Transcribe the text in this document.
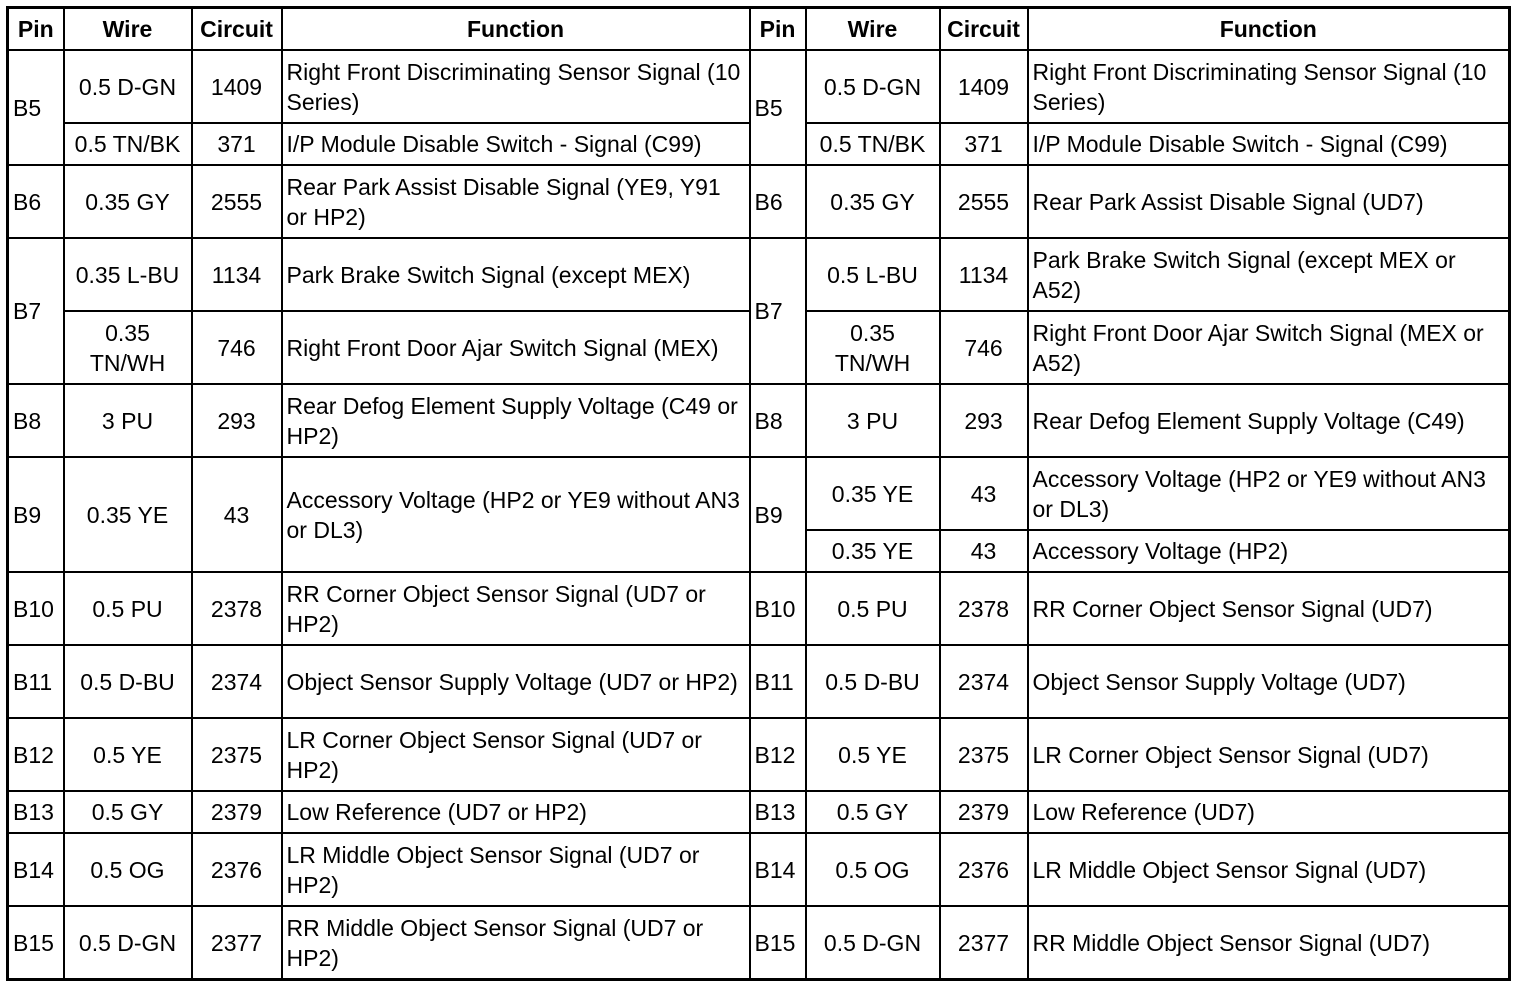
Pin	Wire	Circuit	Function	Pin	Wire	Circuit	Function
B5	0.5 D-GN	1409	Right Front Discriminating Sensor Signal (10 Series)	B5	0.5 D-GN	1409	Right Front Discriminating Sensor Signal (10 Series)
	0.5 TN/BK	371	I/P Module Disable Switch - Signal (C99)		0.5 TN/BK	371	I/P Module Disable Switch - Signal (C99)
B6	0.35 GY	2555	Rear Park Assist Disable Signal (YE9, Y91 or HP2)	B6	0.35 GY	2555	Rear Park Assist Disable Signal (UD7)
B7	0.35 L-BU	1134	Park Brake Switch Signal (except MEX)	B7	0.5 L-BU	1134	Park Brake Switch Signal (except MEX or A52)
	0.35 TN/WH	746	Right Front Door Ajar Switch Signal (MEX)		0.35 TN/WH	746	Right Front Door Ajar Switch Signal (MEX or A52)
B8	3 PU	293	Rear Defog Element Supply Voltage (C49 or HP2)	B8	3 PU	293	Rear Defog Element Supply Voltage (C49)
B9	0.35 YE	43	Accessory Voltage (HP2 or YE9 without AN3 or DL3)	B9	0.35 YE	43	Accessory Voltage (HP2 or YE9 without AN3 or DL3)
					0.35 YE	43	Accessory Voltage (HP2)
B10	0.5 PU	2378	RR Corner Object Sensor Signal (UD7 or HP2)	B10	0.5 PU	2378	RR Corner Object Sensor Signal (UD7)
B11	0.5 D-BU	2374	Object Sensor Supply Voltage (UD7 or HP2)	B11	0.5 D-BU	2374	Object Sensor Supply Voltage (UD7)
B12	0.5 YE	2375	LR Corner Object Sensor Signal (UD7 or HP2)	B12	0.5 YE	2375	LR Corner Object Sensor Signal (UD7)
B13	0.5 GY	2379	Low Reference (UD7 or HP2)	B13	0.5 GY	2379	Low Reference (UD7)
B14	0.5 OG	2376	LR Middle Object Sensor Signal (UD7 or HP2)	B14	0.5 OG	2376	LR Middle Object Sensor Signal (UD7)
B15	0.5 D-GN	2377	RR Middle Object Sensor Signal (UD7 or HP2)	B15	0.5 D-GN	2377	RR Middle Object Sensor Signal (UD7)
